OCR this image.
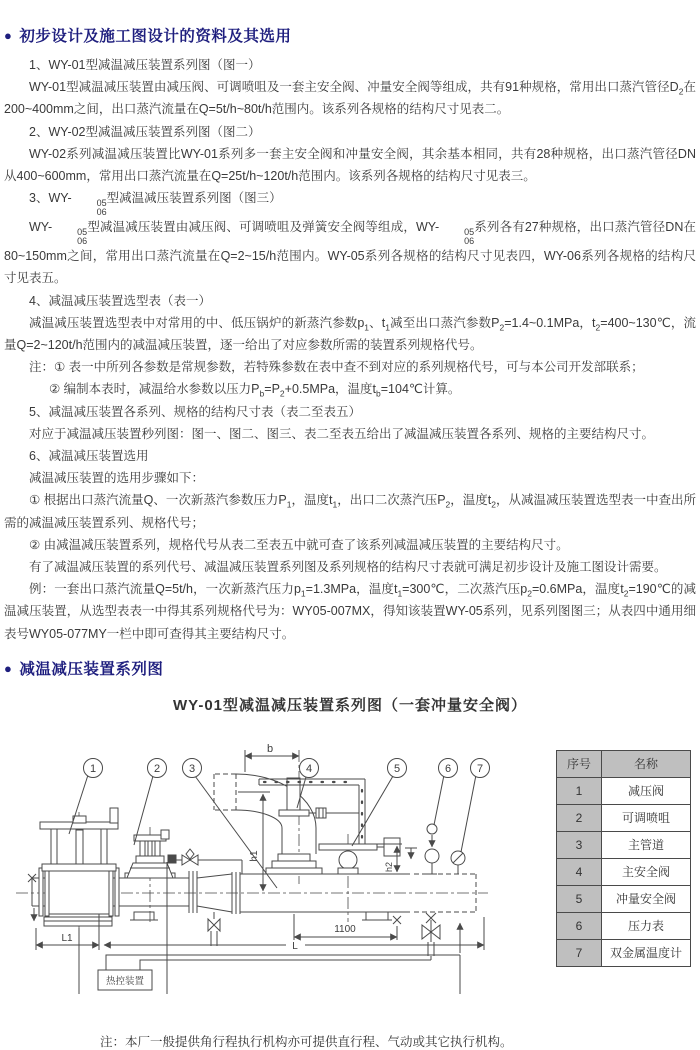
● 初步设计及施工图设计的资料及其选用

1、WY-01型减温减压装置系列图（图一）

WY-01型减温减压装置由减压阀、可调喷咀及一套主安全阀、冲量安全阀等组成，共有91种规格，常用出口蒸汽管径$D_2$在200~400mm之间，出口蒸汽流量在Q=5t/h~80t/h范围内。该系列各规格的结构尺寸见表二。

2、WY-02型减温减压装置系列图（图二）

WY-02系列减温减压装置比WY-01系列多一套主安全阀和冲量安全阀，其余基本相同，共有28种规格，出口蒸汽管径DN从400~600mm，常用出口蒸汽流量在Q=25t/h~120t/h范围内。该系列各规格的结构尺寸见表三。

3、WY-	05
06
型减温减压装置系列图（图三）

WY-	05
06
型减温减压装置由减压阀、可调喷咀及弹簧安全阀等组成，WY-	05
06
系列各有27种规格，出口蒸汽管径DN在80~150mm之间，常用出口蒸汽流量在Q=2~15/h范围内。WY-05系列各规格的结构尺寸见表四，WY-06系列各规格的结构尺寸见表五。

4、减温减压装置选型表（表一）

减温减压装置选型表中对常用的中、低压锅炉的新蒸汽参数$p_1$、$t_1$减至出口蒸汽参数$P_2=1.4\sim 0.1MPa$，$t_2=400\sim 130℃$，流量Q=2~120t/h范围内的减温减压装置，逐一给出了对应参数所需的装置系列规格代号。

注：① 表一中所列各参数是常规参数，若特殊参数在表中查不到对应的系列规格代号，可与本公司开发部联系；

② 编制本表时，减温给水参数以压力$P_b=P_2+0.5MPa$，温度$t_b=104℃$计算。

5、减温减压装置各系列、规格的结构尺寸表（表二至表五）

对应于减温减压装置秒列图：图一、图二、图三、表二至表五给出了减温减压装置各系列、规格的主要结构尺寸。

6、减温减压装置选用

减温减压装置的选用步骤如下：

① 根据出口蒸汽流量Q、一次新蒸汽参数压力$P_1$，温度$t_1$，出口二次蒸汽压$P_2$，温度$t_2$，从减温减压装置选型表一中查出所需的减温减压装置系列、规格代号；

② 由减温减压装置系列，规格代号从表二至表五中就可查了该系列减温减压装置的主要结构尺寸。

有了减温减压装置的系列代号、减温减压装置系列图及系列规格的结构尺寸表就可满足初步设计及施工图设计需要。

例：一套出口蒸汽流量Q=5t/h，一次新蒸汽压力$p_1=1.3MPa$，温度$t_1=300℃$，二次蒸汽压$p_2=0.6MPa$，温度$t_2=190℃$的减温减压装置，从选型表表一中得其系列规格代号为：WY05-007MX，得知该装置WY-05系列，见系列图图三；从表四中通用细表号WY05-077MY一栏中即可查得其主要结构尺寸。

● 减温减压装置系列图
WY-01型减温减压装置系列图（一套冲量安全阀）
1	2	3	4	5	6 7
b
h1
h2
1100
L1
L
热控装置
序号	名称
1	减压阀
2	可调喷咀
3	主管道
4	主安全阀
5	冲量安全阀
6	压力表
7	双金属温度计

注：本厂一般提供角行程执行机构亦可提供直行程、气动或其它执行机构。
